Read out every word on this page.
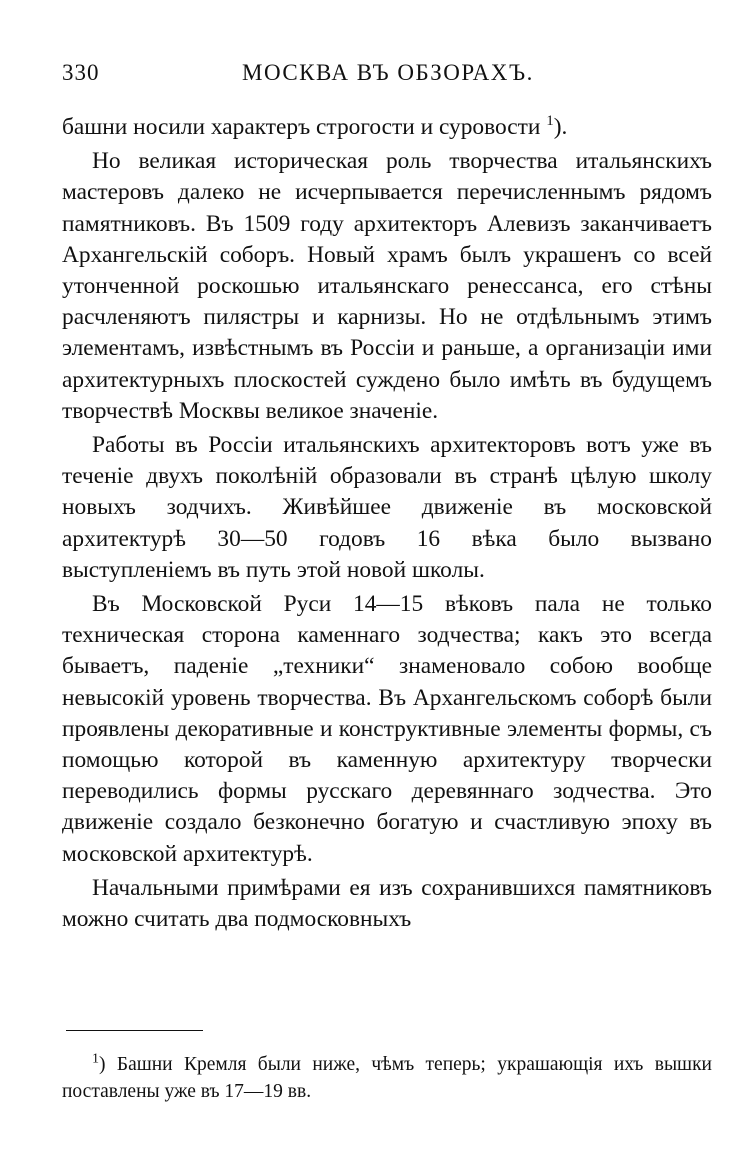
330	МОСКВА ВЪ ОБЗОРАХЪ.

башни носили характеръ строгости и суровости $^1$).

Но великая историческая роль творчества итальянскихъ мастеровъ далеко не исчерпывается перечисленнымъ рядомъ памятниковъ. Въ 1509 году архитекторъ Алевизъ заканчиваетъ Архангельскій соборъ. Новый храмъ былъ украшенъ со всей утонченной роскошью итальянскаго ренессанса, его стѣны расчленяютъ пилястры и карнизы. Но не отдѣльнымъ этимъ элементамъ, извѣстнымъ въ Россіи и раньше, а организаціи ими архитектурныхъ плоскостей суждено было имѣть въ будущемъ творчествѣ Москвы великое значеніе.

Работы въ Россіи итальянскихъ архитекторовъ вотъ уже въ теченіе двухъ поколѣній образовали въ странѣ цѣлую школу новыхъ зодчихъ. Живѣйшее движеніе въ московской архитектурѣ 30—50 годовъ 16 вѣка было вызвано выступленіемъ въ путь этой новой школы.

Въ Московской Руси 14—15 вѣковъ пала не только техническая сторона каменнаго зодчества; какъ это всегда бываетъ, паденіе „техники“ знаменовало собою вообще невысокій уровень творчества. Въ Архангельскомъ соборѣ были проявлены декоративные и конструктивные элементы формы, съ помощью которой въ каменную архитектуру творчески переводились формы русскаго деревяннаго зодчества. Это движеніе создало безконечно богатую и счастливую эпоху въ московской архитектурѣ.

Начальными примѣрами ея изъ сохранившихся памятниковъ можно считать два подмосковныхъ

$^1$) Башни Кремля были ниже, чѣмъ теперь; украшающія ихъ вышки поставлены уже въ 17—19 вв.
